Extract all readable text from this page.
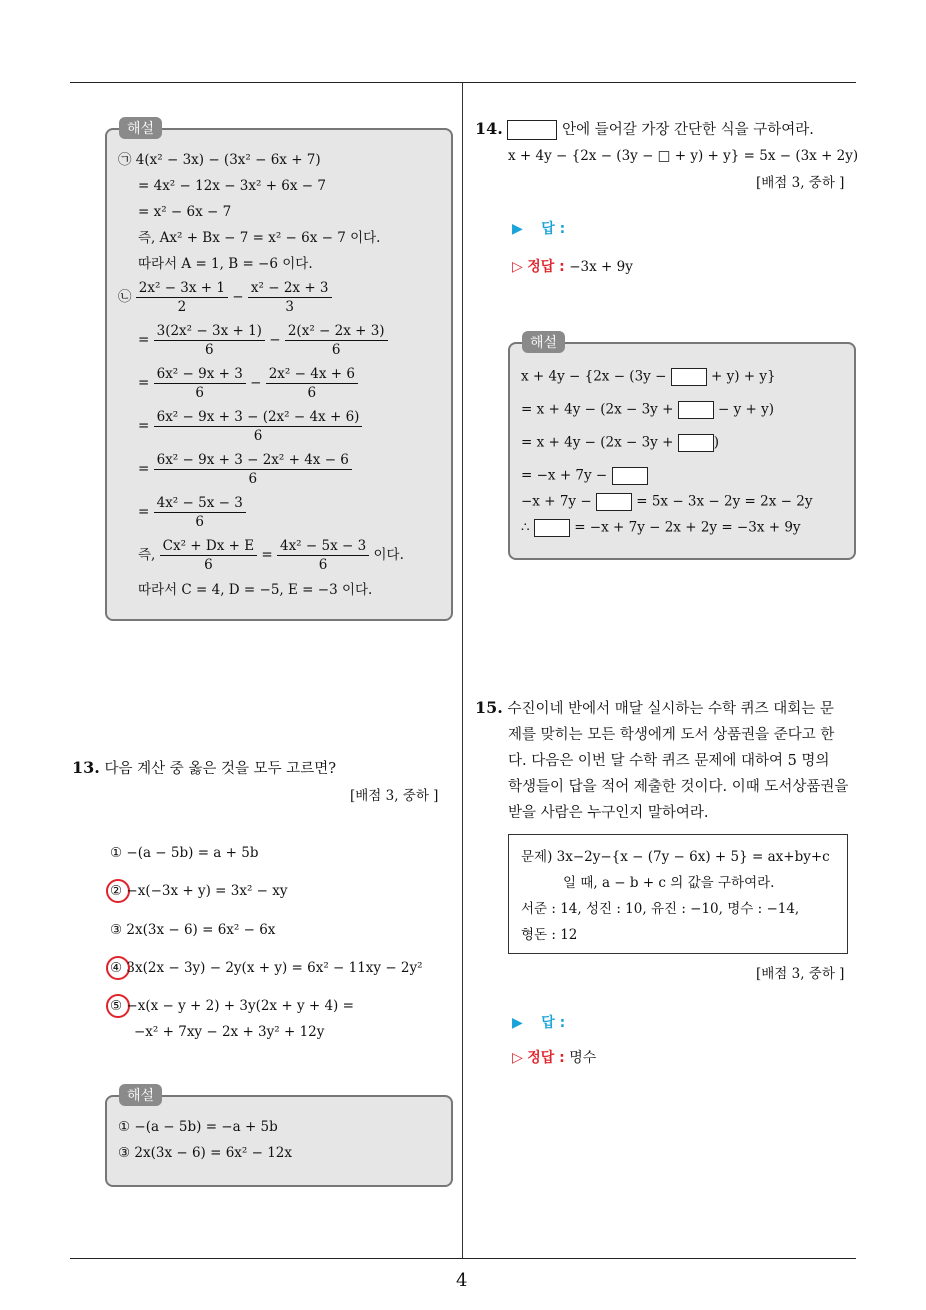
4
해설
㉠ 4(x² − 3x) − (3x² − 6x + 7)
= 4x² − 12x − 3x² + 6x − 7
= x² − 6x − 7
즉, Ax² + Bx − 7 = x² − 6x − 7 이다.
따라서 A = 1, B = −6 이다.
㉡ $\frac{\text{2x² − 3x + 1}}{2} - \frac{\text{x² − 2x + 3}}{3}$
= $\frac{\text{3(2x² − 3x + 1)}}{6} - \frac{\text{2(x² − 2x + 3)}}{6}$
= $\frac{\text{6x² − 9x + 3}}{6} - \frac{\text{2x² − 4x + 6}}{6}$
= $\frac{\text{6x² − 9x + 3 − (2x² − 4x + 6)}}{6}$
= $\frac{\text{6x² − 9x + 3 − 2x² + 4x − 6}}{6}$
= $\frac{\text{4x² − 5x − 3}}{6}$
즉, $\frac{\text{Cx² + Dx + E}}{6} = \frac{\text{4x² − 5x − 3}}{6}$ 이다.
따라서 C = 4, D = −5, E = −3 이다.
13. 다음 계산 중 옳은 것을 모두 고르면?
[배점 3, 중하 ]
① −(a − 5b) = a + 5b
② −x(−3x + y) = 3x² − xy
③ 2x(3x − 6) = 6x² − 6x
④ 3x(2x − 3y) − 2y(x + y) = 6x² − 11xy − 2y²
⑤ −x(x − y + 2) + 3y(2x + y + 4) =
−x² + 7xy − 2x + 3y² + 12y
해설
① −(a − 5b) = −a + 5b
③ 2x(3x − 6) = 6x² − 12x
14.	안에 들어갈 가장 간단한 식을 구하여라.
x + 4y − {2x − (3y − □ + y) + y} = 5x − (3x + 2y)
[배점 3, 중하 ]
▶ 답 :
▷ 정답 : −3x + 9y
해설
x + 4y − {2x − (3y −	+ y) + y}
= x + 4y − (2x − 3y +	− y + y)
= x + 4y − (2x − 3y +	)
= −x + 7y −
−x + 7y −	= 5x − 3x − 2y = 2x − 2y
∴	= −x + 7y − 2x + 2y = −3x + 9y
15. 수진이네 반에서 매달 실시하는 수학 퀴즈 대회는 문
제를 맞히는 모든 학생에게 도서 상품권을 준다고 한
다. 다음은 이번 달 수학 퀴즈 문제에 대하여 5 명의
학생들이 답을 적어 제출한 것이다. 이때 도서상품권을
받을 사람은 누구인지 말하여라.
문제) 3x−2y−{x − (7y − 6x) + 5} = ax+by+c
일 때, a − b + c 의 값을 구하여라.
서준 : 14, 성진 : 10, 유진 : −10, 명수 : −14,
형돈 : 12
[배점 3, 중하 ]
▶ 답 :
▷ 정답 : 명수
